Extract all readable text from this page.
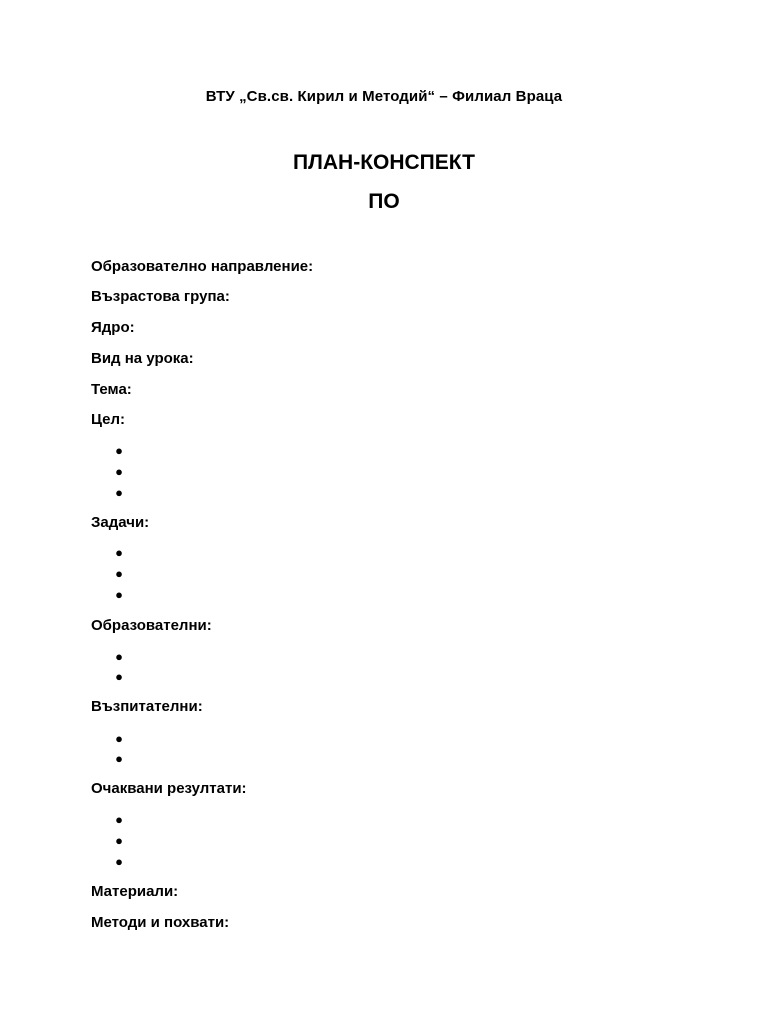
ВТУ „Св.св. Кирил и Методий“ – Филиал Враца
ПЛАН-КОНСПЕКТ
ПО
Образователно направление:
Възрастова група:
Ядро:
Вид на урока:
Тема:
Цел:
●
●
●
Задачи:
●
●
●
Образователни:
●
●
Възпитателни:
●
●
Очаквани резултати:
●
●
●
Материали:
Методи и похвати:
